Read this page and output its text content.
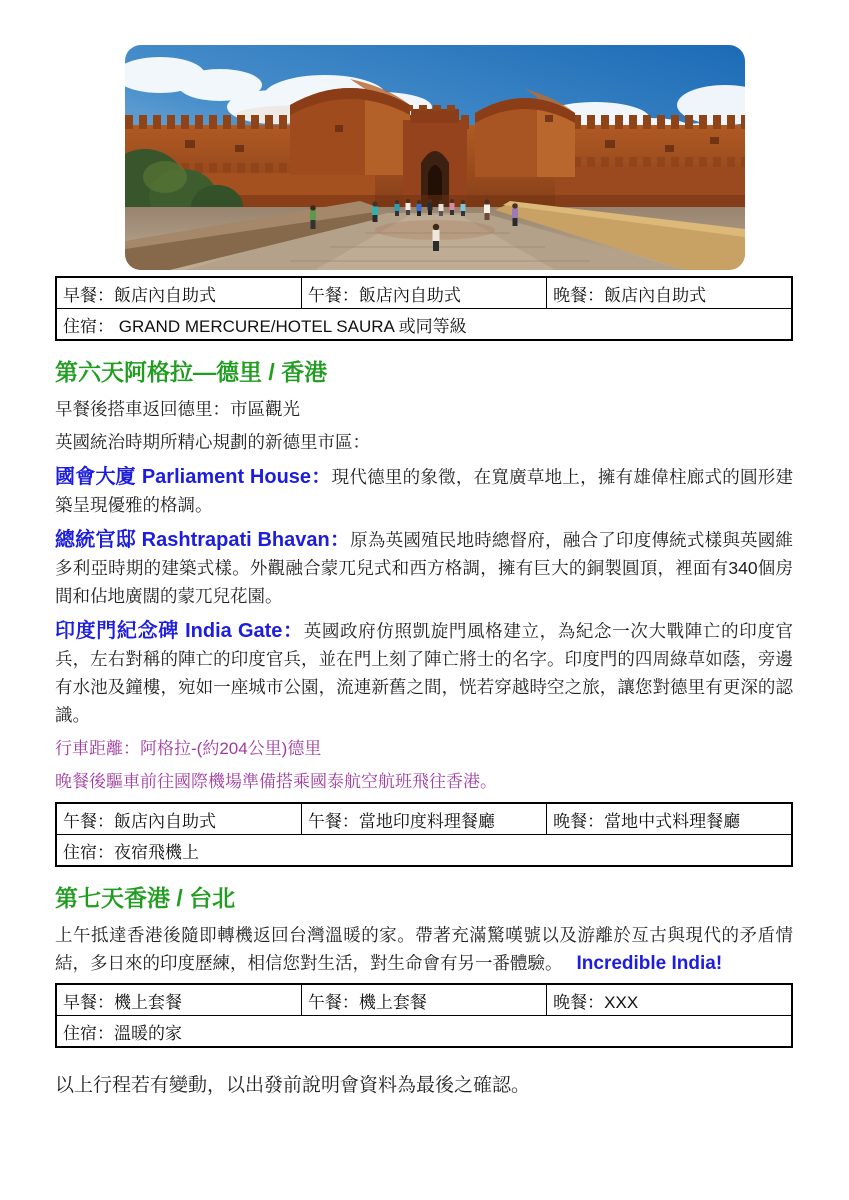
早餐：飯店內自助式	午餐：飯店內自助式	晚餐：飯店內自助式
住宿： GRAND MERCURE/HOTEL SAURA 或同等級
第六天阿格拉—德里 / 香港

早餐後搭車返回德里：市區觀光

英國統治時期所精心規劃的新德里市區：

國會大廈 Parliament House：現代德里的象徵，在寬廣草地上，擁有雄偉柱廊式的圓形建築呈現優雅的格調。

總統官邸 Rashtrapati Bhavan：原為英國殖民地時總督府，融合了印度傳統式樣與英國維多利亞時期的建築式樣。外觀融合蒙兀兒式和西方格調，擁有巨大的銅製圓頂，裡面有340個房間和佔地廣闊的蒙兀兒花園。

印度門紀念碑 India Gate：英國政府仿照凱旋門風格建立，為紀念一次大戰陣亡的印度官兵，左右對稱的陣亡的印度官兵，並在門上刻了陣亡將士的名字。印度門的四周綠草如蔭，旁邊有水池及鐘樓，宛如一座城市公園，流連新舊之間，恍若穿越時空之旅，讓您對德里有更深的認識。

行車距離：阿格拉-(約204公里)德里

晚餐後驅車前往國際機場準備搭乘國泰航空航班飛往香港。

午餐：飯店內自助式	午餐：當地印度料理餐廳	晚餐：當地中式料理餐廳
住宿：夜宿飛機上
第七天香港 / 台北

上午抵達香港後隨即轉機返回台灣溫暖的家。帶著充滿驚嘆號以及游離於亙古與現代的矛盾情結，多日來的印度歷練，相信您對生活，對生命會有另一番體驗。 Incredible India!

早餐：機上套餐	午餐：機上套餐	晚餐：XXX
住宿：溫暖的家

以上行程若有變動，以出發前說明會資料為最後之確認。
